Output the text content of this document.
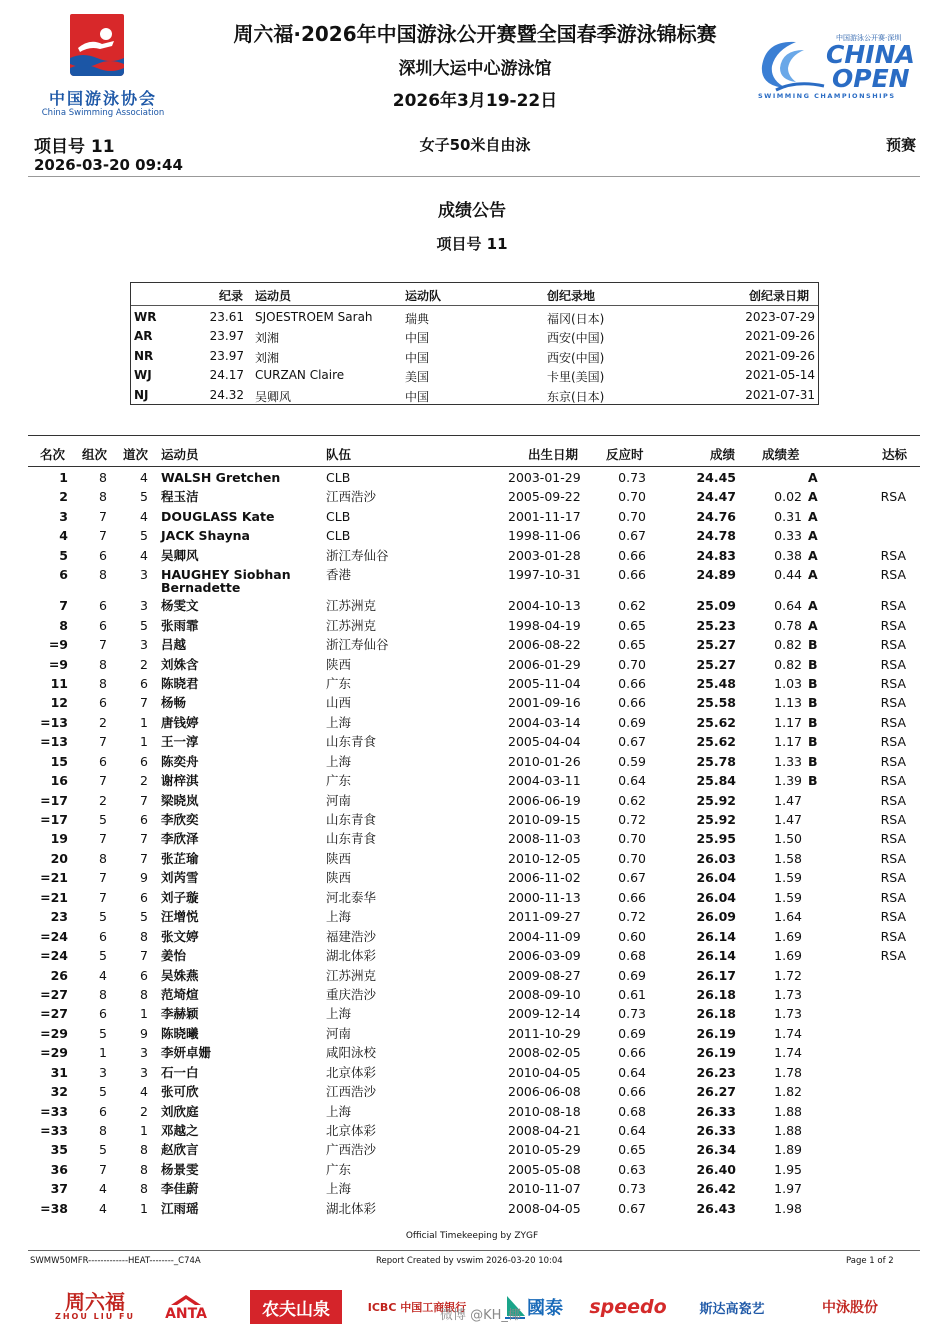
中国游泳协会
China Swimming Association
周六福·2026年中国游泳公开赛暨全国春季游泳锦标赛
深圳大运中心游泳馆
2026年3月19-22日
中国游泳公开赛·深圳
CHINA
OPEN
SWIMMING CHAMPIONSHIPS
项目号 11
2026-03-20 09:44
女子50米自由泳	预赛
成绩公告
项目号 11
纪录 运动员	运动队	创纪录地	创纪录日期
WR	23.61 SJOESTROEM Sarah	瑞典	福冈(日本)	2023-07-29
AR	23.97 刘湘	中国	西安(中国)	2021-09-26
NR	23.97 刘湘	中国	西安(中国)	2021-09-26
WJ	24.17 CURZAN Claire	美国	卡里(美国)	2021-05-14
NJ	24.32 吴卿风	中国	东京(日本)	2021-07-31
名次 组次 道次 运动员	队伍	出生日期 反应时	成绩 成绩差	达标
1 8	4 WALSH Gretchen	CLB	2003-01-29	0.73	24.45	A
2 8	5 程玉洁	江西浩沙	2005-09-22	0.70	24.47	0.02 A	RSA
3 7	4 DOUGLASS Kate	CLB	2001-11-17	0.70	24.76	0.31 A
4 7	5 JACK Shayna	CLB	1998-11-06	0.67	24.78	0.33 A
5 6	4 吴卿风	浙江寿仙谷	2003-01-28	0.66	24.83	0.38 A	RSA
6 8	3 HAUGHEY Siobhan
Bernadette
香港	1997-10-31	0.66	24.89	0.44 A	RSA
7 6	3 杨雯文	江苏洲克	2004-10-13	0.62	25.09	0.64 A	RSA
8 6	5 张雨霏	江苏洲克	1998-04-19	0.65	25.23	0.78 A	RSA
=9 7	3 吕越	浙江寿仙谷	2006-08-22	0.65	25.27	0.82 B	RSA
=9 8	2 刘姝含	陕西	2006-01-29	0.70	25.27	0.82 B	RSA
11 8	6 陈晓君	广东	2005-11-04	0.66	25.48	1.03 B	RSA
12 6	7 杨畅	山西	2001-09-16	0.66	25.58	1.13 B	RSA
=13 2	1 唐钱婷	上海	2004-03-14	0.69	25.62	1.17 B	RSA
=13 7	1 王一淳	山东青食	2005-04-04	0.67	25.62	1.17 B	RSA
15 6	6 陈奕舟	上海	2010-01-26	0.59	25.78	1.33 B	RSA
16 7	2 谢梓淇	广东	2004-03-11	0.64	25.84	1.39 B	RSA
=17 2	7 梁晓岚	河南	2006-06-19	0.62	25.92	1.47	RSA
=17 5	6 李欣奕	山东青食	2010-09-15	0.72	25.92	1.47	RSA
19 7	7 李欣泽	山东青食	2008-11-03	0.70	25.95	1.50	RSA
20 8	7 张芷瑜	陕西	2010-12-05	0.70	26.03	1.58	RSA
=21 7	9 刘芮雪	陕西	2006-11-02	0.67	26.04	1.59	RSA
=21 7	6 刘子璇	河北泰华	2000-11-13	0.66	26.04	1.59	RSA
23 5	5 汪增悦	上海	2011-09-27	0.72	26.09	1.64	RSA
=24 6	8 张文婷	福建浩沙	2004-11-09	0.60	26.14	1.69	RSA
=24 5	7 姜怡	湖北体彩	2006-03-09	0.68	26.14	1.69	RSA
26 4	6 吴姝燕	江苏洲克	2009-08-27	0.69	26.17	1.72
=27 8	8 范埼煊	重庆浩沙	2008-09-10	0.61	26.18	1.73
=27 6	1 李赫颖	上海	2009-12-14	0.73	26.18	1.73
=29 5	9 陈晓曦	河南	2011-10-29	0.69	26.19	1.74
=29 1	3 李妍卓姗	咸阳泳校	2008-02-05	0.66	26.19	1.74
31 3	3 石一白	北京体彩	2010-04-05	0.64	26.23	1.78
32 5	4 张可欣	江西浩沙	2006-06-08	0.66	26.27	1.82
=33 6	2 刘欣庭	上海	2010-08-18	0.68	26.33	1.88
=33 8	1 邓越之	北京体彩	2008-04-21	0.64	26.33	1.88
35 5	8 赵欣言	广西浩沙	2010-05-29	0.65	26.34	1.89
36 7	8 杨景雯	广东	2005-05-08	0.63	26.40	1.95
37 4	8 李佳蔚	上海	2010-11-07	0.73	26.42	1.97
=38 4	1 江雨瑶	湖北体彩	2008-04-05	0.67	26.43	1.98
Official Timekeeping by ZYGF
SWMW50MFR-------------HEAT--------_C74A	Report Created by vswim 2026-03-20 10:04	Page 1 of 2
周六福
ZHOU LIU FU ANTA	农夫山泉	ICBC 中国工商银行	國泰 speedo	斯达高瓷艺	中泳股份
微博 @KH_椰
